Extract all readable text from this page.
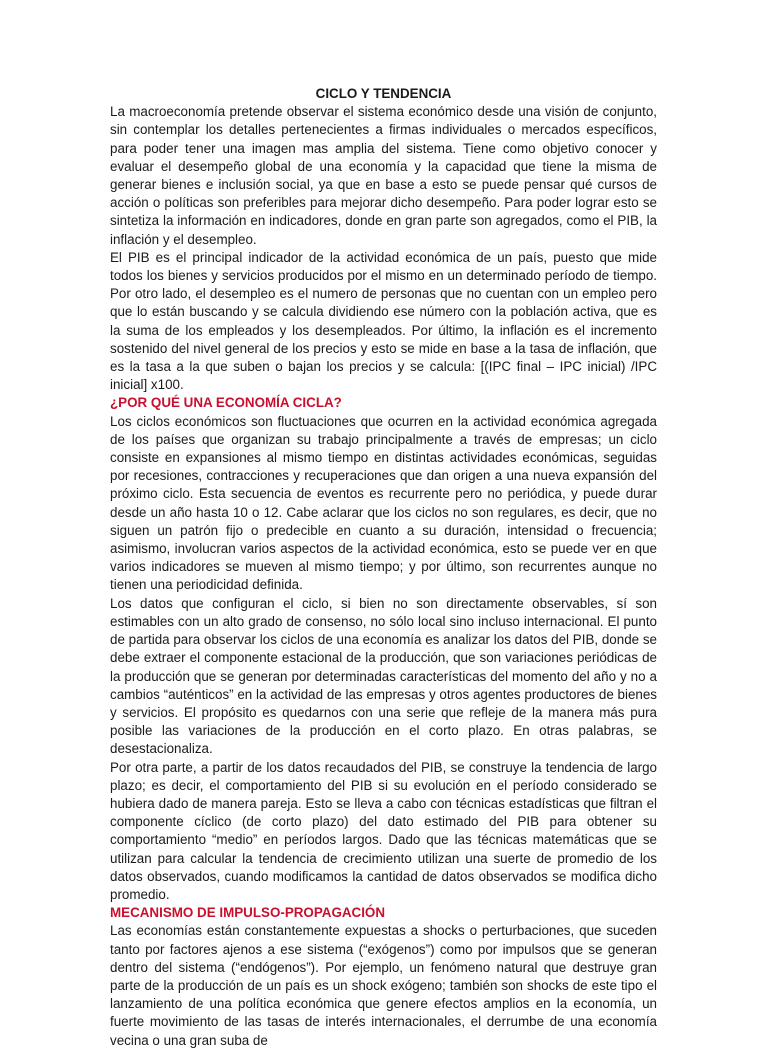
CICLO Y TENDENCIA

La macroeconomía pretende observar el sistema económico desde una visión de conjunto, sin contemplar los detalles pertenecientes a firmas individuales o mercados específicos, para poder tener una imagen mas amplia del sistema. Tiene como objetivo conocer y evaluar el desempeño global de una economía y la capacidad que tiene la misma de generar bienes e inclusión social, ya que en base a esto se puede pensar qué cursos de acción o políticas son preferibles para mejorar dicho desempeño. Para poder lograr esto se sintetiza la información en indicadores, donde en gran parte son agregados, como el PIB, la inflación y el desempleo.

El PIB es el principal indicador de la actividad económica de un país, puesto que mide todos los bienes y servicios producidos por el mismo en un determinado período de tiempo. Por otro lado, el desempleo es el numero de personas que no cuentan con un empleo pero que lo están buscando y se calcula dividiendo ese número con la población activa, que es la suma de los empleados y los desempleados. Por último, la inflación es el incremento sostenido del nivel general de los precios y esto se mide en base a la tasa de inflación, que es la tasa a la que suben o bajan los precios y se calcula: [(IPC final – IPC inicial) /IPC inicial] x100.

¿POR QUÉ UNA ECONOMÍA CICLA?

Los ciclos económicos son fluctuaciones que ocurren en la actividad económica agregada de los países que organizan su trabajo principalmente a través de empresas; un ciclo consiste en expansiones al mismo tiempo en distintas actividades económicas, seguidas por recesiones, contracciones y recuperaciones que dan origen a una nueva expansión del próximo ciclo. Esta secuencia de eventos es recurrente pero no periódica, y puede durar desde un año hasta 10 o 12. Cabe aclarar que los ciclos no son regulares, es decir, que no siguen un patrón fijo o predecible en cuanto a su duración, intensidad o frecuencia; asimismo, involucran varios aspectos de la actividad económica, esto se puede ver en que varios indicadores se mueven al mismo tiempo; y por último, son recurrentes aunque no tienen una periodicidad definida.

Los datos que configuran el ciclo, si bien no son directamente observables, sí son estimables con un alto grado de consenso, no sólo local sino incluso internacional. El punto de partida para observar los ciclos de una economía es analizar los datos del PIB, donde se debe extraer el componente estacional de la producción, que son variaciones periódicas de la producción que se generan por determinadas características del momento del año y no a cambios “auténticos” en la actividad de las empresas y otros agentes productores de bienes y servicios. El propósito es quedarnos con una serie que refleje de la manera más pura posible las variaciones de la producción en el corto plazo. En otras palabras, se desestacionaliza.

Por otra parte, a partir de los datos recaudados del PIB, se construye la tendencia de largo plazo; es decir, el comportamiento del PIB si su evolución en el período considerado se hubiera dado de manera pareja. Esto se lleva a cabo con técnicas estadísticas que filtran el componente cíclico (de corto plazo) del dato estimado del PIB para obtener su comportamiento “medio” en períodos largos. Dado que las técnicas matemáticas que se utilizan para calcular la tendencia de crecimiento utilizan una suerte de promedio de los datos observados, cuando modificamos la cantidad de datos observados se modifica dicho promedio.

MECANISMO DE IMPULSO-PROPAGACIÓN

Las economías están constantemente expuestas a shocks o perturbaciones, que suceden tanto por factores ajenos a ese sistema (“exógenos”) como por impulsos que se generan dentro del sistema (“endógenos”). Por ejemplo, un fenómeno natural que destruye gran parte de la producción de un país es un shock exógeno; también son shocks de este tipo el lanzamiento de una política económica que genere efectos amplios en la economía, un fuerte movimiento de las tasas de interés internacionales, el derrumbe de una economía vecina o una gran suba de
